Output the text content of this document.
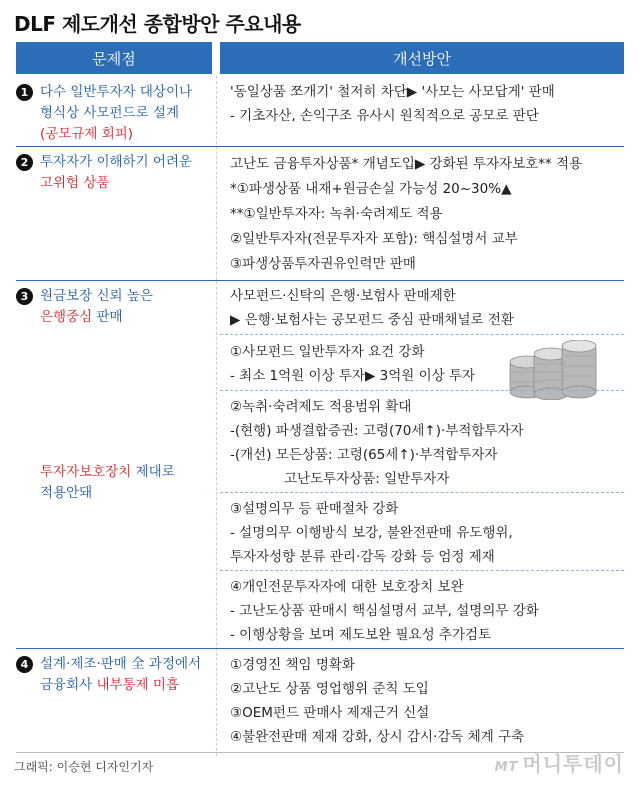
DLF 제도개선 종합방안 주요내용
문제점	개선방안
1 다수 일반투자자 대상이나
형식상 사모펀드로 설계
(공모규제 회피)
'동일상품 쪼개기' 철저히 차단▶ '사모는 사모답게' 판매
- 기초자산, 손익구조 유사시 원칙적으로 공모로 판단
2 투자자가 이해하기 어려운
고위험 상품
고난도 금융투자상품* 개념도입▶ 강화된 투자자보호** 적용
*①파생상품 내재+원금손실 가능성 20~30%▲
**①일반투자자: 녹취·숙려제도 적용
②일반투자자(전문투자자 포함): 핵심설명서 교부
③파생상품투자권유인력만 판매
3 원금보장 신뢰 높은
은행중심 판매
사모펀드·신탁의 은행·보험사 판매제한
▶ 은행·보험사는 공모펀드 중심 판매채널로 전환
투자자보호장치 제대로
적용안돼
①사모펀드 일반투자자 요건 강화
- 최소 1억원 이상 투자▶ 3억원 이상 투자
②녹취·숙려제도 적용범위 확대
-(현행) 파생결합증권: 고령(70세↑)·부적합투자자
-(개선) 모든상품: 고령(65세↑)·부적합투자자
고난도투자상품: 일반투자자
③설명의무 등 판매절차 강화
- 설명의무 이행방식 보강, 불완전판매 유도행위,
투자자성향 분류 관리·감독 강화 등 엄정 제재
④개인전문투자자에 대한 보호장치 보완
- 고난도상품 판매시 핵심설명서 교부, 설명의무 강화
- 이행상황을 보며 제도보완 필요성 추가검토
4 설계·제조·판매 全 과정에서
금융회사 내부통제 미흡
①경영진 책임 명확화
②고난도 상품 영업행위 준칙 도입
③OEM펀드 판매사 제재근거 신설
④불완전판매 제재 강화, 상시 감시·감독 체계 구축
그래픽: 이승현 디자인기자	MT 머니투데이
